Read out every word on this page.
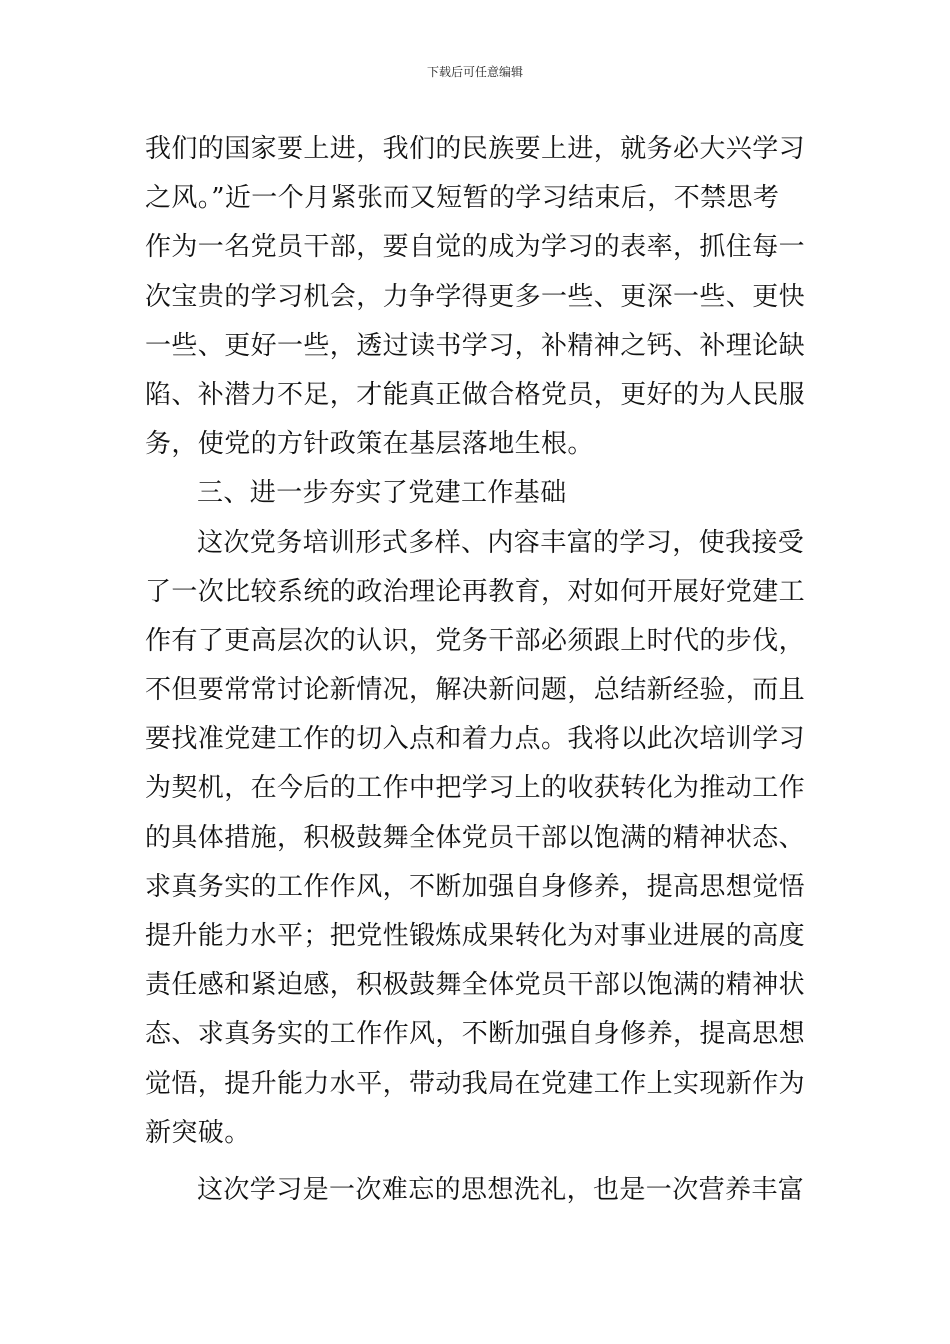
下载后可任意编辑
我们的国家要上进，我们的民族要上进，就务必大兴学习
之风。”近一个月紧张而又短暂的学习结束后，不禁思考
作为一名党员干部，要自觉的成为学习的表率，抓住每一
次宝贵的学习机会，力争学得更多一些、更深一些、更快
一些、更好一些，透过读书学习，补精神之钙、补理论缺
陷、补潜力不足，才能真正做合格党员，更好的为人民服
务，使党的方针政策在基层落地生根。
三、进一步夯实了党建工作基础
这次党务培训形式多样、内容丰富的学习，使我接受
了一次比较系统的政治理论再教育，对如何开展好党建工
作有了更高层次的认识，党务干部必须跟上时代的步伐，
不但要常常讨论新情况，解决新问题，总结新经验，而且
要找准党建工作的切入点和着力点。我将以此次培训学习
为契机，在今后的工作中把学习上的收获转化为推动工作
的具体措施，积极鼓舞全体党员干部以饱满的精神状态、
求真务实的工作作风，不断加强自身修养，提高思想觉悟
提升能力水平；把党性锻炼成果转化为对事业进展的高度
责任感和紧迫感，积极鼓舞全体党员干部以饱满的精神状
态、求真务实的工作作风，不断加强自身修养，提高思想
觉悟，提升能力水平，带动我局在党建工作上实现新作为
新突破。
这次学习是一次难忘的思想洗礼，也是一次营养丰富
